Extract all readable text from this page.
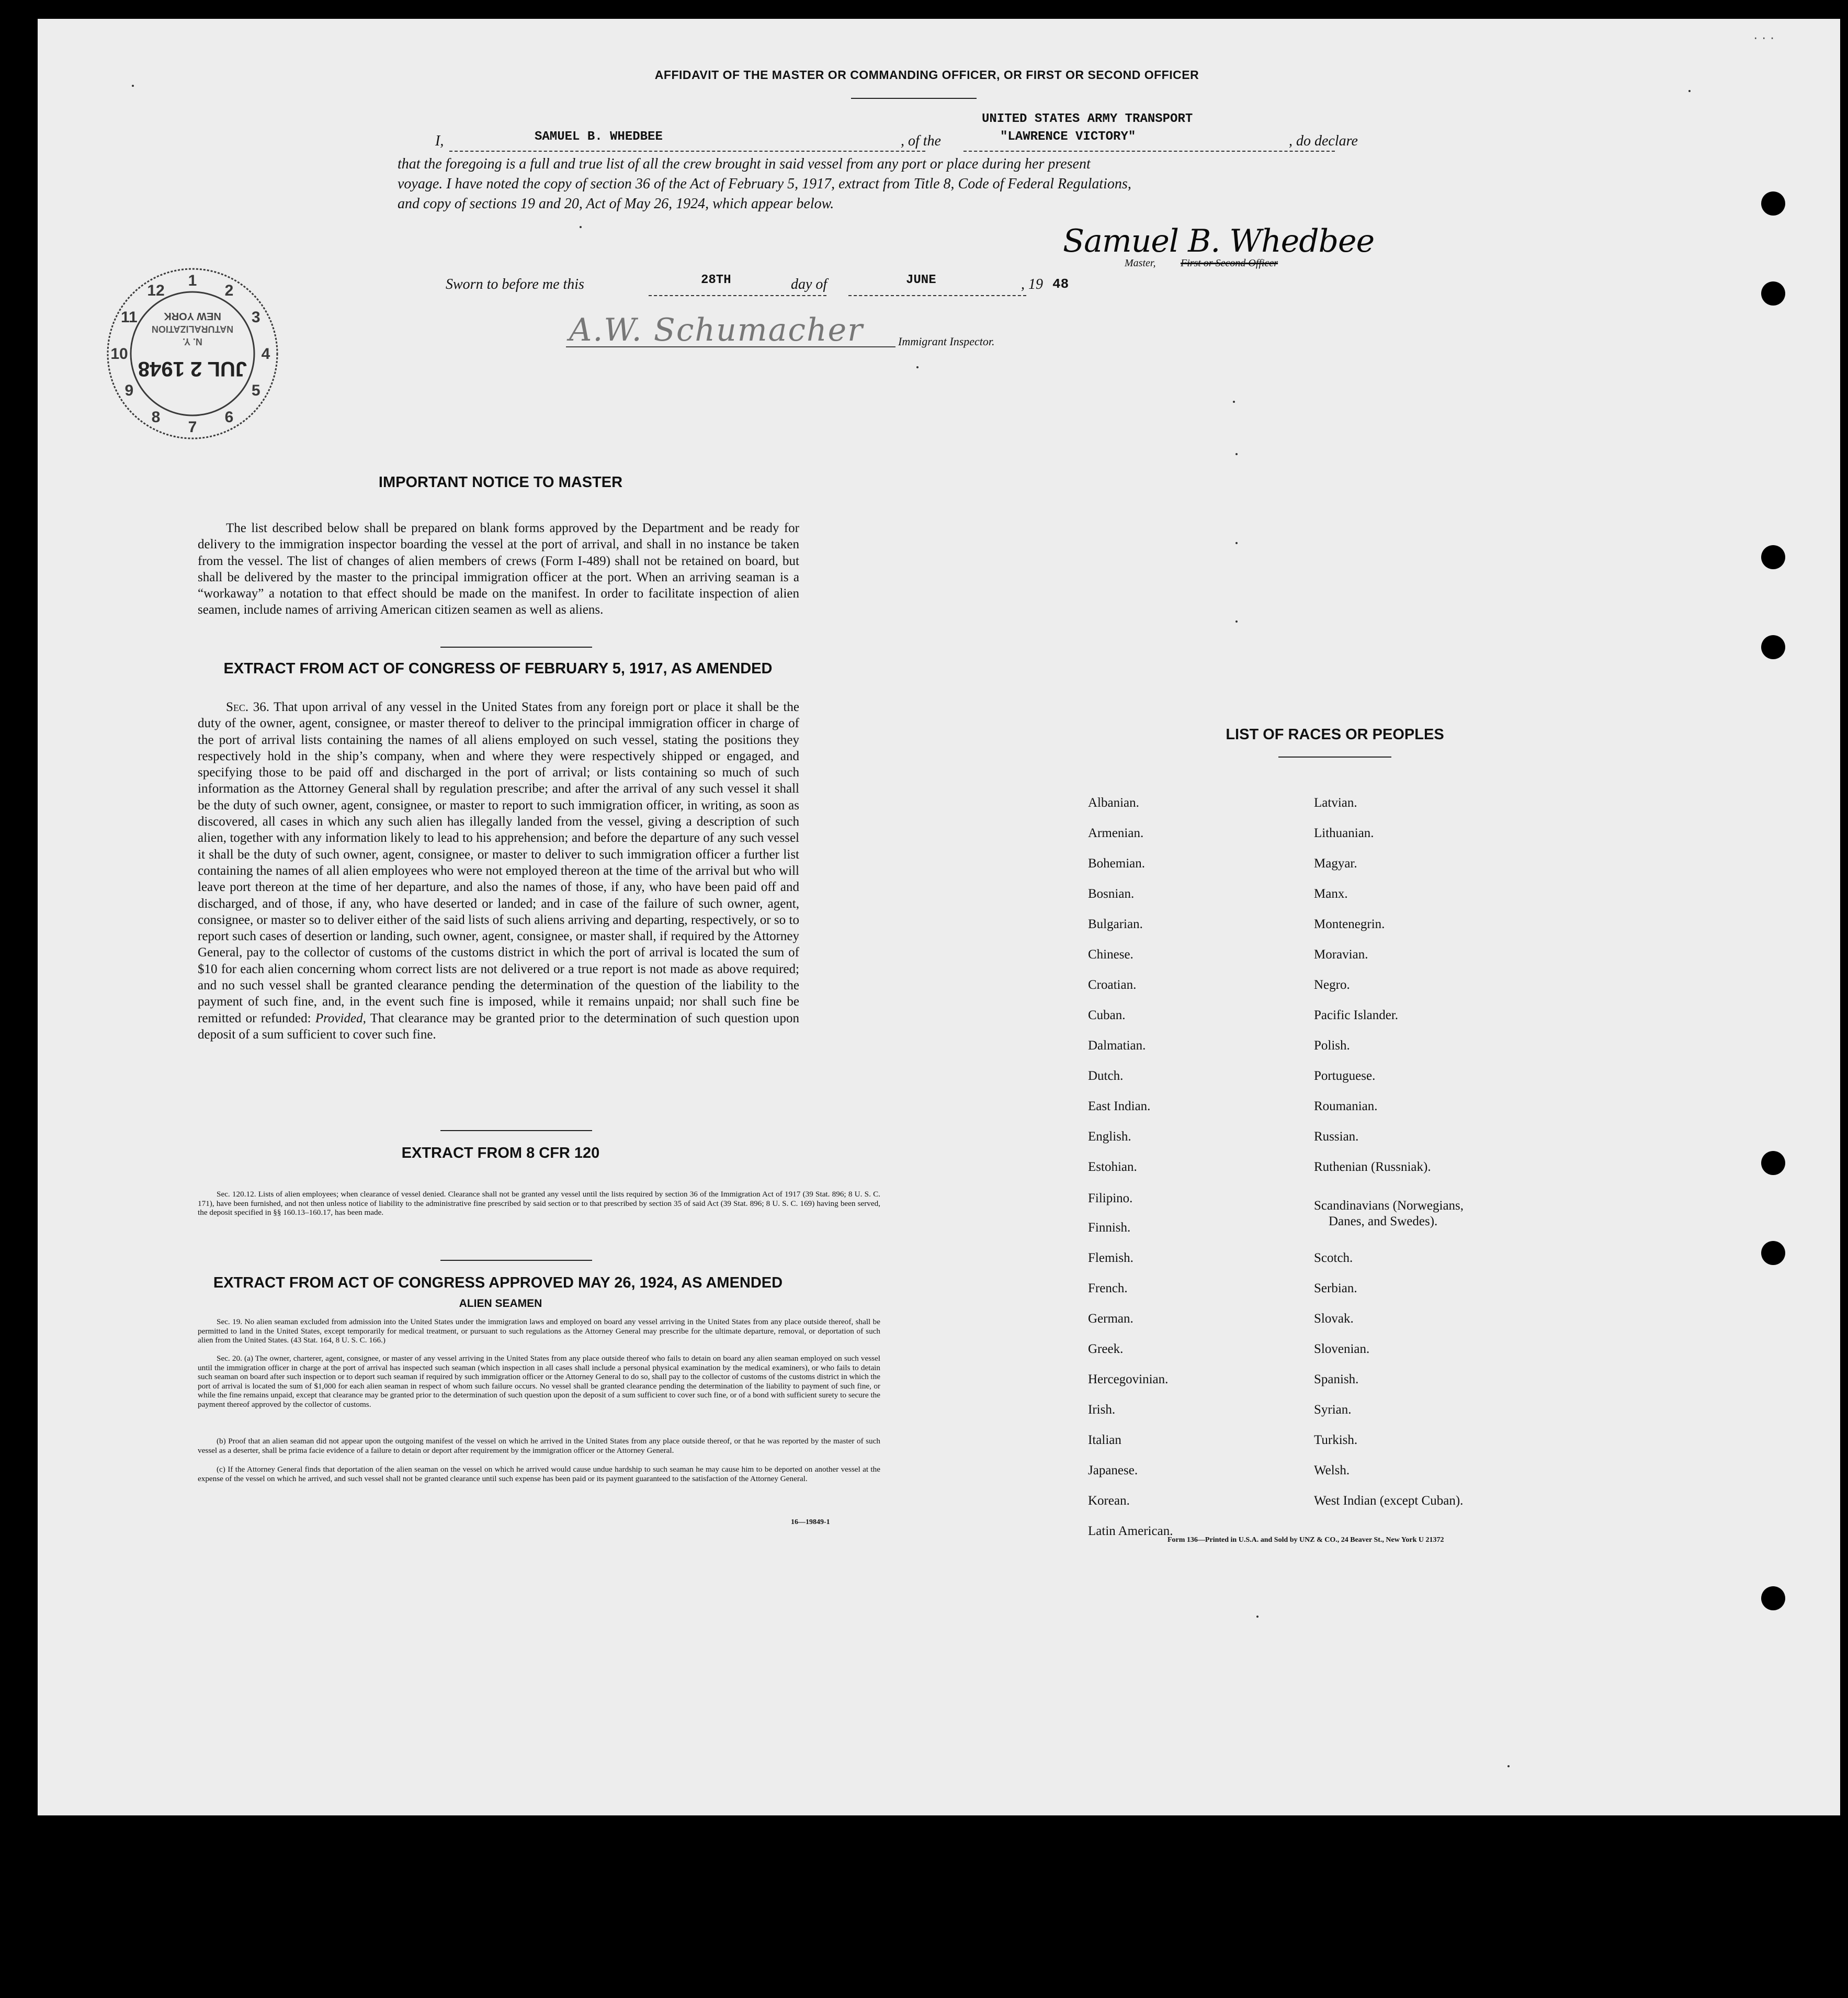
AFFIDAVIT OF THE MASTER OR COMMANDING OFFICER, OR FIRST OR SECOND OFFICER
I,	SAMUEL B. WHEDBEE	, of the
UNITED STATES ARMY TRANSPORT
"LAWRENCE VICTORY"	, do declare
that the foregoing is a full and true list of all the crew brought in said vessel from any port or place during her present
voyage. I have noted the copy of section 36 of the Act of February 5, 1917, extract from Title 8, Code of Federal Regulations,
and copy of sections 19 and 20, Act of May 26, 1924, which appear below.
Samuel B. Whedbee
Master, First or Second Officer
Sworn to before me this	28TH	day of	JUNE	, 19 48
A.W. Schumacher	Immigrant Inspector.
1
2
3
4
5
6
7
8
9
10
11
12
NEW YORK
NATURALIZATION
N. Y.
JUL 2 1948
IMPORTANT NOTICE TO MASTER
The list described below shall be prepared on blank forms approved by the Department and be ready for delivery to the immigration inspector boarding the vessel at the port of arrival, and shall in no instance be taken from the vessel. The list of changes of alien members of crews (Form I-489) shall not be retained on board, but shall be delivered by the master to the principal immigration officer at the port. When an arriving seaman is a “workaway” a notation to that effect should be made on the manifest. In order to facilitate inspection of alien seamen, include names of arriving American citizen seamen as well as aliens.
EXTRACT FROM ACT OF CONGRESS OF FEBRUARY 5, 1917, AS AMENDED
Sec. 36. That upon arrival of any vessel in the United States from any foreign port or place it shall be the duty of the owner, agent, consignee, or master thereof to deliver to the principal immigration officer in charge of the port of arrival lists containing the names of all aliens employed on such vessel, stating the positions they respectively hold in the ship’s company, when and where they were respectively shipped or engaged, and specifying those to be paid off and discharged in the port of arrival; or lists containing so much of such information as the Attorney General shall by regulation prescribe; and after the arrival of any such vessel it shall be the duty of such owner, agent, consignee, or master to report to such immigration officer, in writing, as soon as discovered, all cases in which any such alien has illegally landed from the vessel, giving a description of such alien, together with any information likely to lead to his apprehension; and before the departure of any such vessel it shall be the duty of such owner, agent, consignee, or master to deliver to such immigration officer a further list containing the names of all alien employees who were not employed thereon at the time of the arrival but who will leave port thereon at the time of her departure, and also the names of those, if any, who have been paid off and discharged, and of those, if any, who have deserted or landed; and in case of the failure of such owner, agent, consignee, or master so to deliver either of the said lists of such aliens arriving and departing, respectively, or so to report such cases of desertion or landing, such owner, agent, consignee, or master shall, if required by the Attorney General, pay to the collector of customs of the customs district in which the port of arrival is located the sum of $10 for each alien concerning whom correct lists are not delivered or a true report is not made as above required; and no such vessel shall be granted clearance pending the determination of the question of the liability to the payment of such fine, and, in the event such fine is imposed, while it remains unpaid; nor shall such fine be remitted or refunded: Provided, That clearance may be granted prior to the determination of such question upon deposit of a sum sufficient to cover such fine.
EXTRACT FROM 8 CFR 120
Sec. 120.12. Lists of alien employees; when clearance of vessel denied. Clearance shall not be granted any vessel until the lists required by section 36 of the Immigration Act of 1917 (39 Stat. 896; 8 U. S. C. 171), have been furnished, and not then unless notice of liability to the administrative fine prescribed by said section or to that prescribed by section 35 of said Act (39 Stat. 896; 8 U. S. C. 169) having been served, the deposit specified in §§ 160.13–160.17, has been made.
EXTRACT FROM ACT OF CONGRESS APPROVED MAY 26, 1924, AS AMENDED
ALIEN SEAMEN
Sec. 19. No alien seaman excluded from admission into the United States under the immigration laws and employed on board any vessel arriving in the United States from any place outside thereof, shall be permitted to land in the United States, except temporarily for medical treatment, or pursuant to such regulations as the Attorney General may prescribe for the ultimate departure, removal, or deportation of such alien from the United States. (43 Stat. 164, 8 U. S. C. 166.)
Sec. 20. (a) The owner, charterer, agent, consignee, or master of any vessel arriving in the United States from any place outside thereof who fails to detain on board any alien seaman employed on such vessel until the immigration officer in charge at the port of arrival has inspected such seaman (which inspection in all cases shall include a personal physical examination by the medical examiners), or who fails to detain such seaman on board after such inspection or to deport such seaman if required by such immigration officer or the Attorney General to do so, shall pay to the collector of customs of the customs district in which the port of arrival is located the sum of $1,000 for each alien seaman in respect of whom such failure occurs. No vessel shall be granted clearance pending the determination of the liability to payment of such fine, or while the fine remains unpaid, except that clearance may be granted prior to the determination of such question upon the deposit of a sum sufficient to cover such fine, or of a bond with sufficient surety to secure the payment thereof approved by the collector of customs.
(b) Proof that an alien seaman did not appear upon the outgoing manifest of the vessel on which he arrived in the United States from any place outside thereof, or that he was reported by the master of such vessel as a deserter, shall be prima facie evidence of a failure to detain or deport after requirement by the immigration officer or the Attorney General.
(c) If the Attorney General finds that deportation of the alien seaman on the vessel on which he arrived would cause undue hardship to such seaman he may cause him to be deported on another vessel at the expense of the vessel on which he arrived, and such vessel shall not be granted clearance until such expense has been paid or its payment guaranteed to the satisfaction of the Attorney General.
16—19849-1
LIST OF RACES OR PEOPLES
Albanian.
Armenian.
Bohemian.
Bosnian.
Bulgarian.
Chinese.
Croatian.
Cuban.
Dalmatian.
Dutch.
East Indian.
English.
Estohian.
Filipino.
Finnish.
Flemish.
French.
German.
Greek.
Hercegovinian.
Irish.
Italian
Japanese.
Korean.
Latin American.
Latvian.
Lithuanian.
Magyar.
Manx.
Montenegrin.
Moravian.
Negro.
Pacific Islander.
Polish.
Portuguese.
Roumanian.
Russian.
Ruthenian (Russniak).
Scandinavians (Norwegians,
Danes, and Swedes).
Scotch.
Serbian.
Slovak.
Slovenian.
Spanish.
Syrian.
Turkish.
Welsh.
West Indian (except Cuban).
Form 136—Printed in U.S.A. and Sold by UNZ & CO., 24 Beaver St., New York U 21372
· · ·
